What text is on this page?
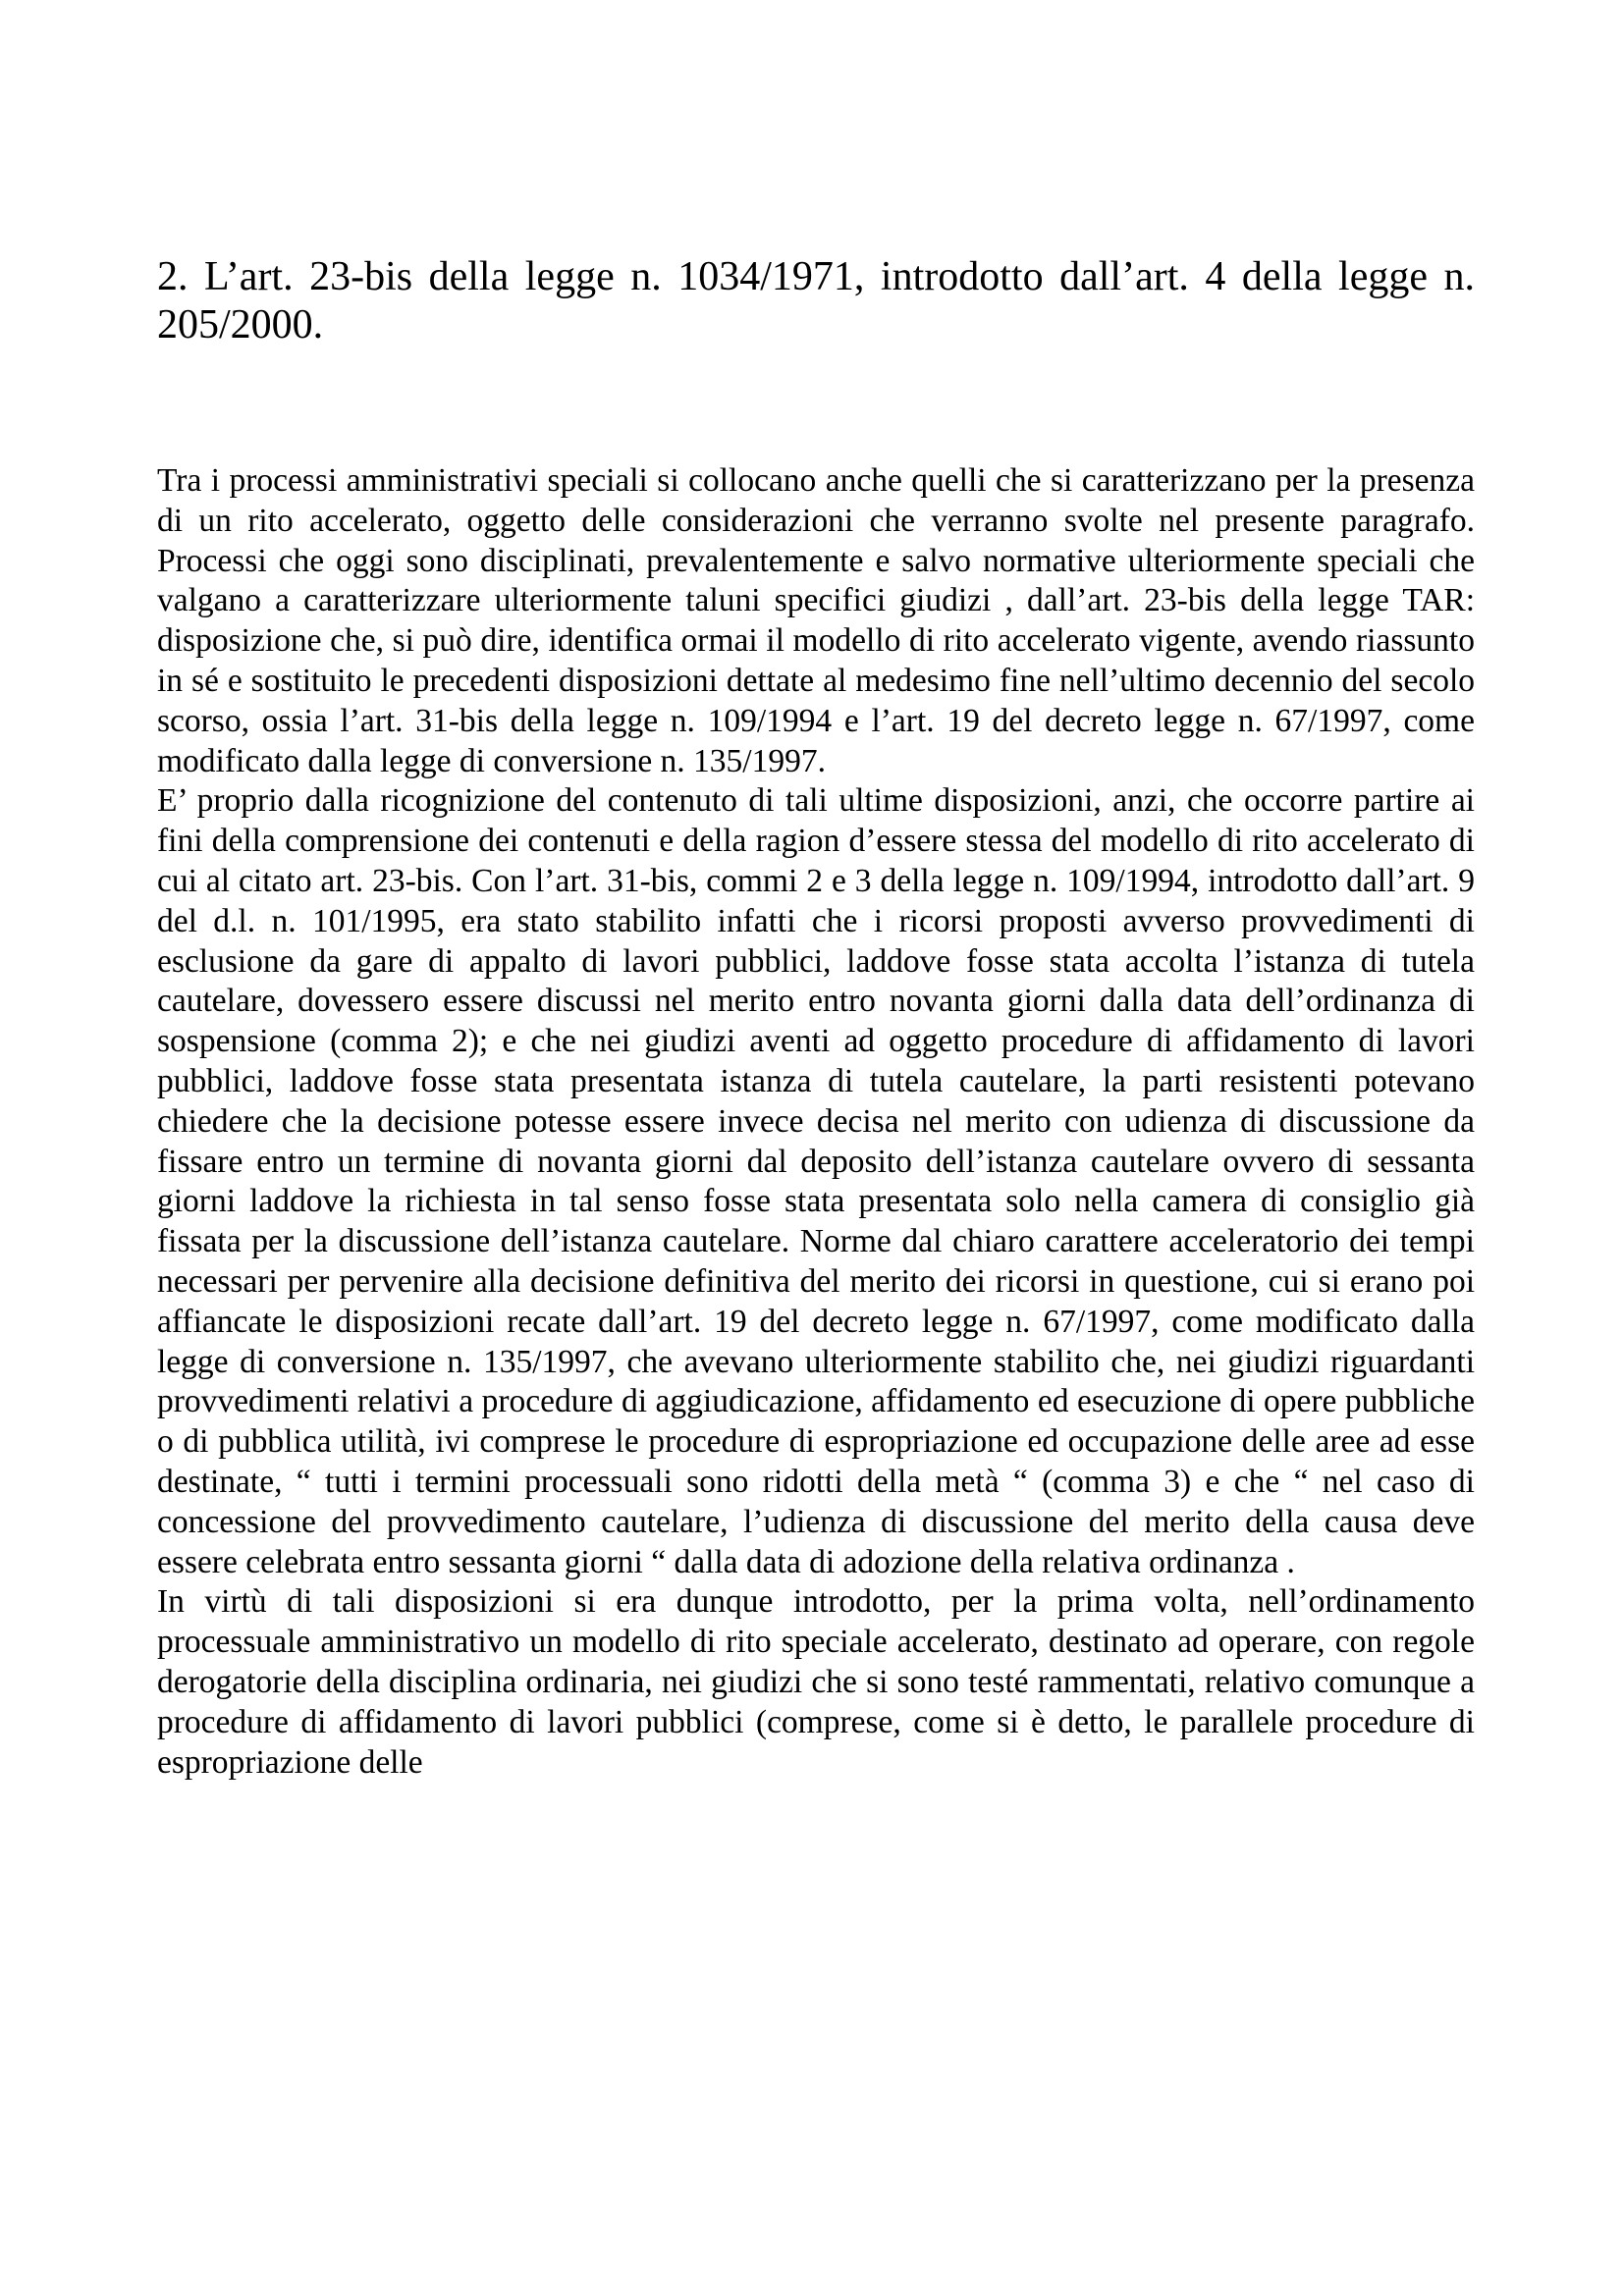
2. L’art. 23-bis della legge n. 1034/1971, introdotto dall’art. 4 della legge n. 205/2000.

Tra i processi amministrativi speciali si collocano anche quelli che si caratterizzano per la presenza di un rito accelerato, oggetto delle considerazioni che verranno svolte nel presente paragrafo. Processi che oggi sono disciplinati, prevalentemente e salvo normative ulteriormente speciali che valgano a caratterizzare ulteriormente taluni specifici giudizi , dall’art. 23-bis della legge TAR: disposizione che, si può dire, identifica ormai il modello di rito accelerato vigente, avendo riassunto in sé e sostituito le precedenti disposizioni dettate al medesimo fine nell’ultimo decennio del secolo scorso, ossia l’art. 31-bis della legge n. 109/1994 e l’art. 19 del decreto legge n. 67/1997, come modificato dalla legge di conversione n. 135/1997.

E’ proprio dalla ricognizione del contenuto di tali ultime disposizioni, anzi, che occorre partire ai fini della comprensione dei contenuti e della ragion d’essere stessa del modello di rito accelerato di cui al citato art. 23-bis. Con l’art. 31-bis, commi 2 e 3 della legge n. 109/1994, introdotto dall’art. 9 del d.l. n. 101/1995, era stato stabilito infatti che i ricorsi proposti avverso provvedimenti di esclusione da gare di appalto di lavori pubblici, laddove fosse stata accolta l’istanza di tutela cautelare, dovessero essere discussi nel merito entro novanta giorni dalla data dell’ordinanza di sospensione (comma 2); e che nei giudizi aventi ad oggetto procedure di affidamento di lavori pubblici, laddove fosse stata presentata istanza di tutela cautelare, la parti resistenti potevano chiedere che la decisione potesse essere invece decisa nel merito con udienza di discussione da fissare entro un termine di novanta giorni dal deposito dell’istanza cautelare ovvero di sessanta giorni laddove la richiesta in tal senso fosse stata presentata solo nella camera di consiglio già fissata per la discussione dell’istanza cautelare. Norme dal chiaro carattere acceleratorio dei tempi necessari per pervenire alla decisione definitiva del merito dei ricorsi in questione, cui si erano poi affiancate le disposizioni recate dall’art. 19 del decreto legge n. 67/1997, come modificato dalla legge di conversione n. 135/1997, che avevano ulteriormente stabilito che, nei giudizi riguardanti provvedimenti relativi a procedure di aggiudicazione, affidamento ed esecuzione di opere pubbliche o di pubblica utilità, ivi comprese le procedure di espropriazione ed occupazione delle aree ad esse destinate, “ tutti i termini processuali sono ridotti della metà “ (comma 3) e che “ nel caso di concessione del provvedimento cautelare, l’udienza di discussione del merito della causa deve essere celebrata entro sessanta giorni “ dalla data di adozione della relativa ordinanza .

In virtù di tali disposizioni si era dunque introdotto, per la prima volta, nell’ordinamento processuale amministrativo un modello di rito speciale accelerato, destinato ad operare, con regole derogatorie della disciplina ordinaria, nei giudizi che si sono testé rammentati, relativo comunque a procedure di affidamento di lavori pubblici (comprese, come si è detto, le parallele procedure di espropriazione delle
